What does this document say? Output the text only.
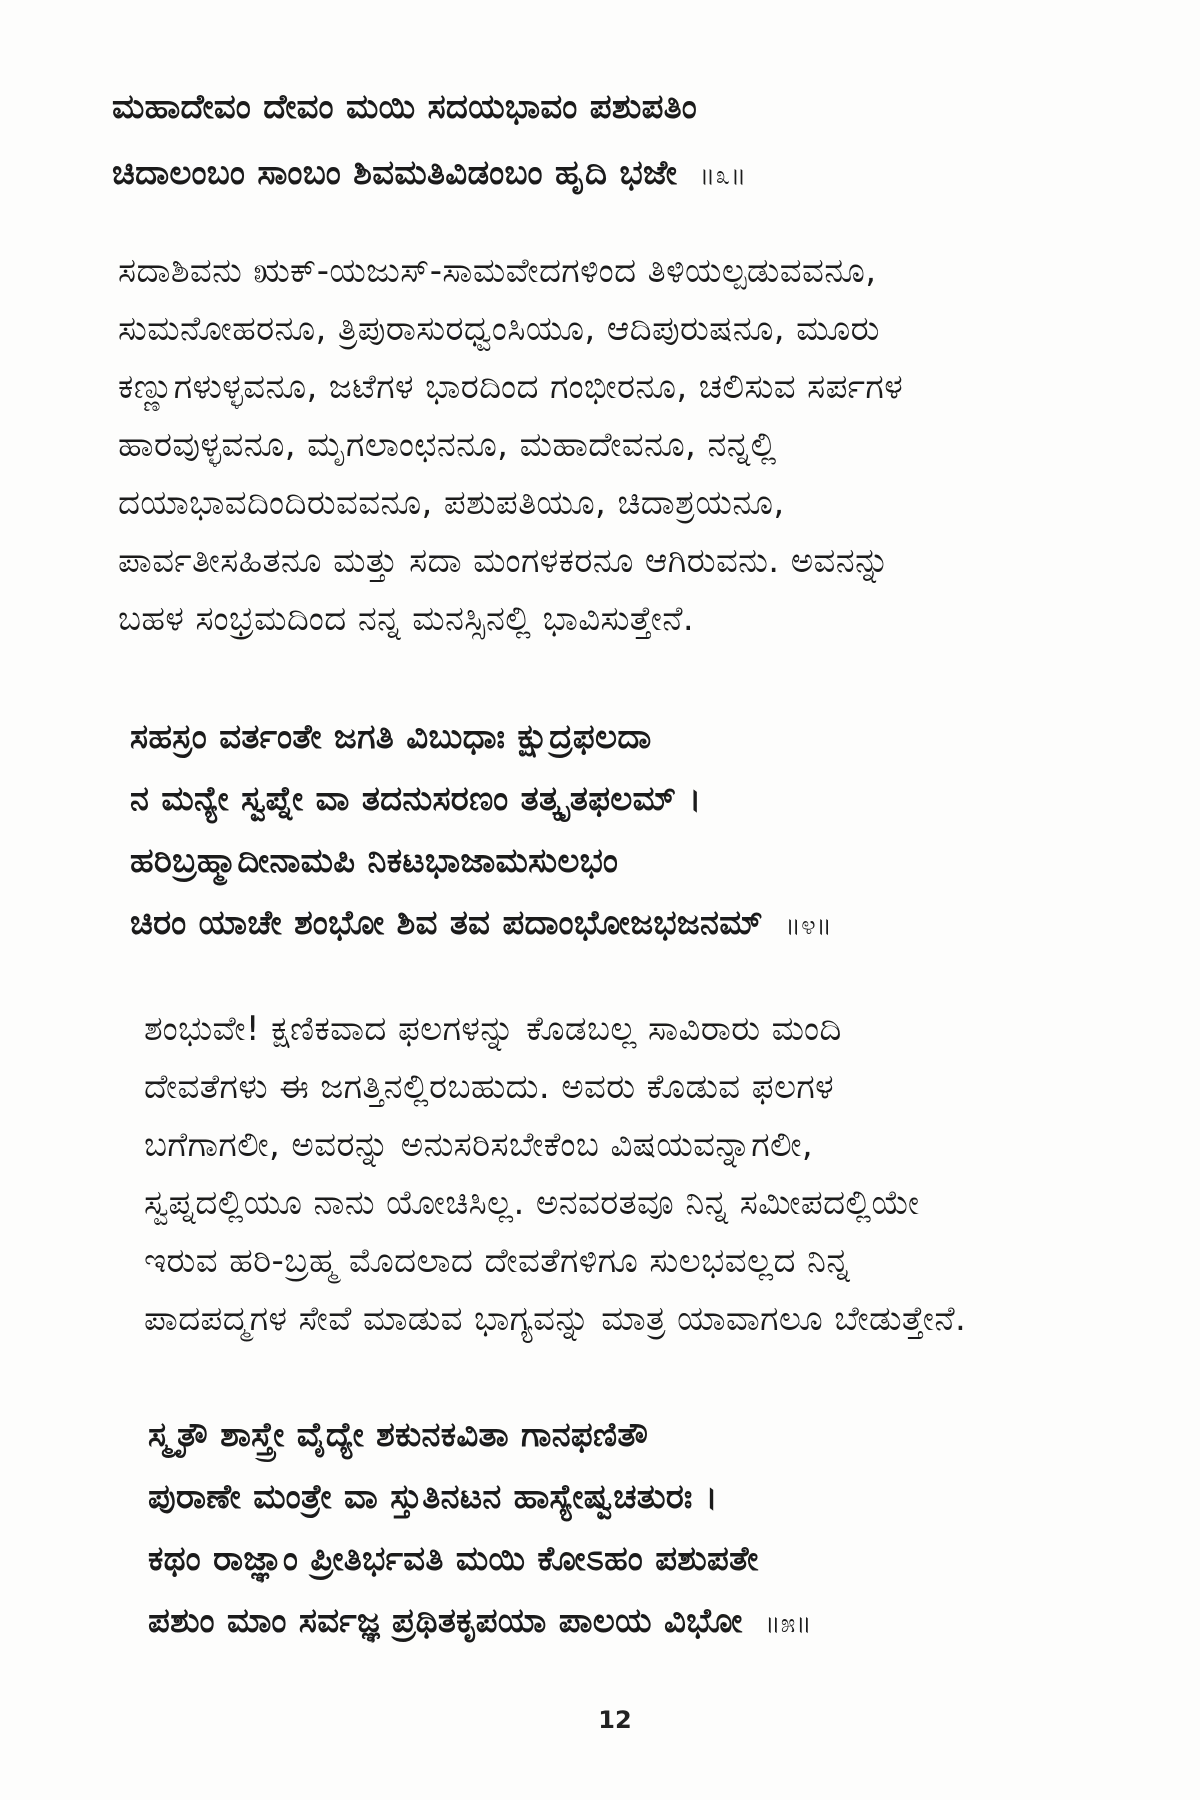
ಮಹಾದೇವಂ ದೇವಂ ಮಯಿ ಸದಯಭಾವಂ ಪಶುಪತಿಂ
ಚಿದಾಲಂಬಂ ಸಾಂಬಂ ಶಿವಮತಿವಿಡಂಬಂ ಹೃದಿ ಭಜೇ ॥೩॥
ಸದಾಶಿವನು ಋಕ್-ಯಜುಸ್-ಸಾಮವೇದಗಳಿಂದ ತಿಳಿಯಲ್ಪಡುವವನೂ,
ಸುಮನೋಹರನೂ, ತ್ರಿಪುರಾಸುರಧ್ವಂಸಿಯೂ, ಆದಿಪುರುಷನೂ, ಮೂರು
ಕಣ್ಣುಗಳುಳ್ಳವನೂ, ಜಟೆಗಳ ಭಾರದಿಂದ ಗಂಭೀರನೂ, ಚಲಿಸುವ ಸರ್ಪಗಳ
ಹಾರವುಳ್ಳವನೂ, ಮೃಗಲಾಂಛನನೂ, ಮಹಾದೇವನೂ, ನನ್ನಲ್ಲಿ
ದಯಾಭಾವದಿಂದಿರುವವನೂ, ಪಶುಪತಿಯೂ, ಚಿದಾಶ್ರಯನೂ,
ಪಾರ್ವತೀಸಹಿತನೂ ಮತ್ತು ಸದಾ ಮಂಗಳಕರನೂ ಆಗಿರುವನು. ಅವನನ್ನು
ಬಹಳ ಸಂಭ್ರಮದಿಂದ ನನ್ನ ಮನಸ್ಸಿನಲ್ಲಿ ಭಾವಿಸುತ್ತೇನೆ.
ಸಹಸ್ರಂ ವರ್ತಂತೇ ಜಗತಿ ವಿಬುಧಾಃ ಕ್ಷುದ್ರಫಲದಾ
ನ ಮನ್ಯೇ ಸ್ವಪ್ನೇ ವಾ ತದನುಸರಣಂ ತತ್ಕೃತಫಲಮ್ ।
ಹರಿಬ್ರಹ್ಮಾದೀನಾಮಪಿ ನಿಕಟಭಾಜಾಮಸುಲಭಂ
ಚಿರಂ ಯಾಚೇ ಶಂಭೋ ಶಿವ ತವ ಪದಾಂಭೋಜಭಜನಮ್ ॥೪॥
ಶಂಭುವೇ! ಕ್ಷಣಿಕವಾದ ಫಲಗಳನ್ನು ಕೊಡಬಲ್ಲ ಸಾವಿರಾರು ಮಂದಿ
ದೇವತೆಗಳು ಈ ಜಗತ್ತಿನಲ್ಲಿರಬಹುದು. ಅವರು ಕೊಡುವ ಫಲಗಳ
ಬಗೆಗಾಗಲೀ, ಅವರನ್ನು ಅನುಸರಿಸಬೇಕೆಂಬ ವಿಷಯವನ್ನಾಗಲೀ,
ಸ್ವಪ್ನದಲ್ಲಿಯೂ ನಾನು ಯೋಚಿಸಿಲ್ಲ. ಅನವರತವೂ ನಿನ್ನ ಸಮೀಪದಲ್ಲಿಯೇ
ಇರುವ ಹರಿ-ಬ್ರಹ್ಮ ಮೊದಲಾದ ದೇವತೆಗಳಿಗೂ ಸುಲಭವಲ್ಲದ ನಿನ್ನ
ಪಾದಪದ್ಮಗಳ ಸೇವೆ ಮಾಡುವ ಭಾಗ್ಯವನ್ನು ಮಾತ್ರ ಯಾವಾಗಲೂ ಬೇಡುತ್ತೇನೆ.
ಸ್ಮೃತೌ ಶಾಸ್ತ್ರೇ ವೈದ್ಯೇ ಶಕುನಕವಿತಾ ಗಾನಫಣಿತೌ
ಪುರಾಣೇ ಮಂತ್ರೇ ವಾ ಸ್ತುತಿನಟನ ಹಾಸ್ಯೇಷ್ವಚತುರಃ ।
ಕಥಂ ರಾಜ್ಞಾಂ ಪ್ರೀತಿರ್ಭವತಿ ಮಯಿ ಕೋಽಹಂ ಪಶುಪತೇ
ಪಶುಂ ಮಾಂ ಸರ್ವಜ್ಞ ಪ್ರಥಿತಕೃಪಯಾ ಪಾಲಯ ವಿಭೋ ॥೫॥
12
